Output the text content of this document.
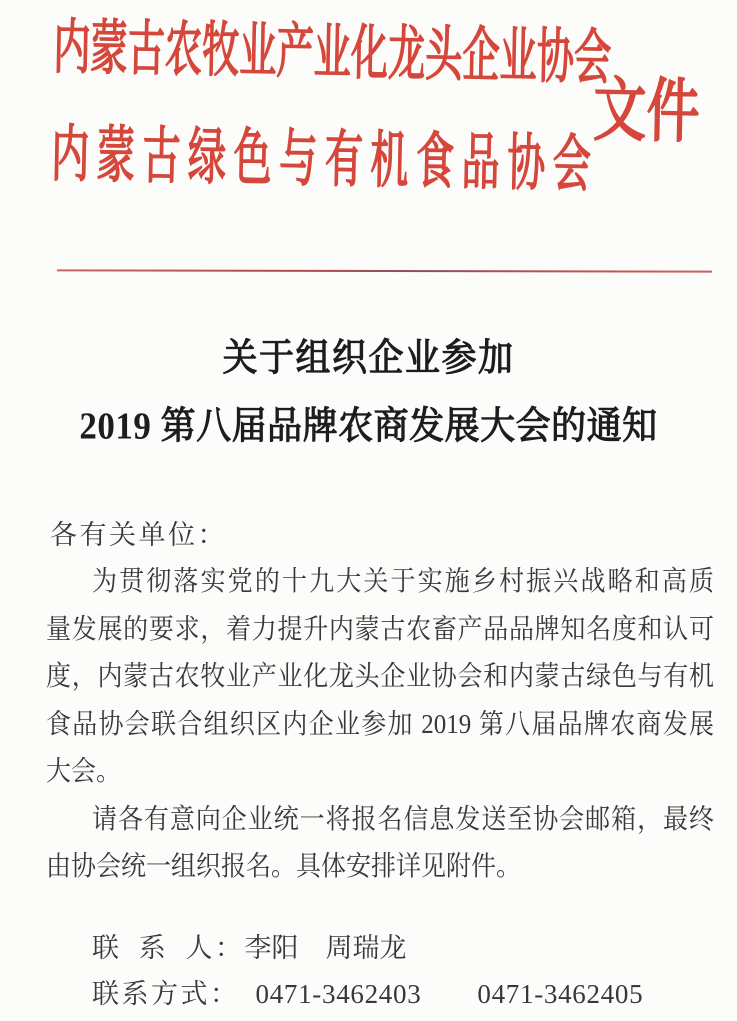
内蒙古农牧业产业化龙头企业协会
内蒙古绿色与有机食品协会
文件
关于组织企业参加
2019 第八届品牌农商发展大会的通知
各有关单位：
为贯彻落实党的十九大关于实施乡村振兴战略和高质
量发展的要求，着力提升内蒙古农畜产品品牌知名度和认可
度，内蒙古农牧业产业化龙头企业协会和内蒙古绿色与有机
食品协会联合组织区内企业参加 2019 第八届品牌农商发展
大会。
请各有意向企业统一将报名信息发送至协会邮箱，最终
由协会统一组织报名。具体安排详见附件。
联 系 人：李阳　周瑞龙
联系方式： 0471-3462403 0471-3462405
